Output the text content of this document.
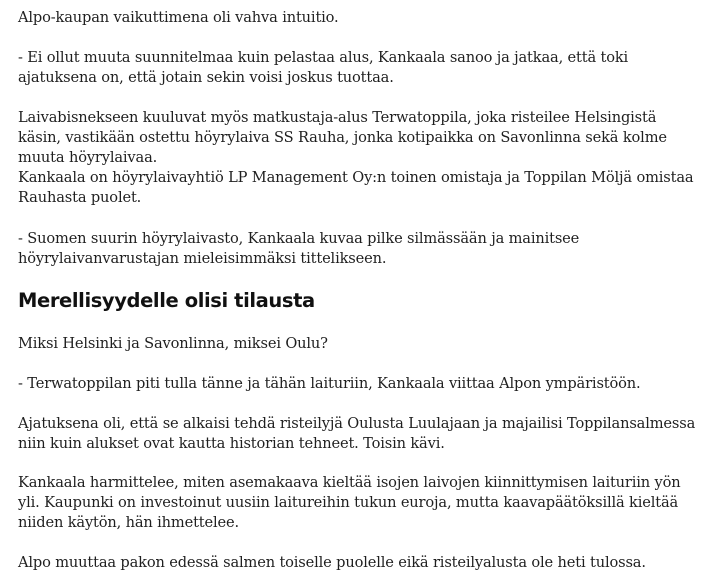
Alpo-kaupan vaikuttimena oli vahva intuitio.

- Ei ollut muuta suunnitelmaa kuin pelastaa alus, Kankaala sanoo ja jatkaa, että toki ajatuksena on, että jotain sekin voisi joskus tuottaa.

Laivabisnekseen kuuluvat myös matkustaja-alus Terwatoppila, joka risteilee Helsingistä käsin, vastikään ostettu höyrylaiva SS Rauha, jonka kotipaikka on Savonlinna sekä kolme muuta höyrylaivaa.

Kankaala on höyrylaivayhtiö LP Management Oy:n toinen omistaja ja Toppilan Möljä omistaa Rauhasta puolet.

- Suomen suurin höyrylaivasto, Kankaala kuvaa pilke silmässään ja mainitsee höyrylaivanvarustajan mieleisimmäksi tittelikseen.

Merellisyydelle olisi tilausta

Miksi Helsinki ja Savonlinna, miksei Oulu?

- Terwatoppilan piti tulla tänne ja tähän laituriin, Kankaala viittaa Alpon ympäristöön.

Ajatuksena oli, että se alkaisi tehdä risteilyjä Oulusta Luulajaan ja majailisi Toppilansalmessa niin kuin alukset ovat kautta historian tehneet. Toisin kävi.

Kankaala harmittelee, miten asemakaava kieltää isojen laivojen kiinnittymisen laituriin yön yli. Kaupunki on investoinut uusiin laitureihin tukun euroja, mutta kaavapäätöksillä kieltää niiden käytön, hän ihmettelee.

Alpo muuttaa pakon edessä salmen toiselle puolelle eikä risteilyalusta ole heti tulossa.
